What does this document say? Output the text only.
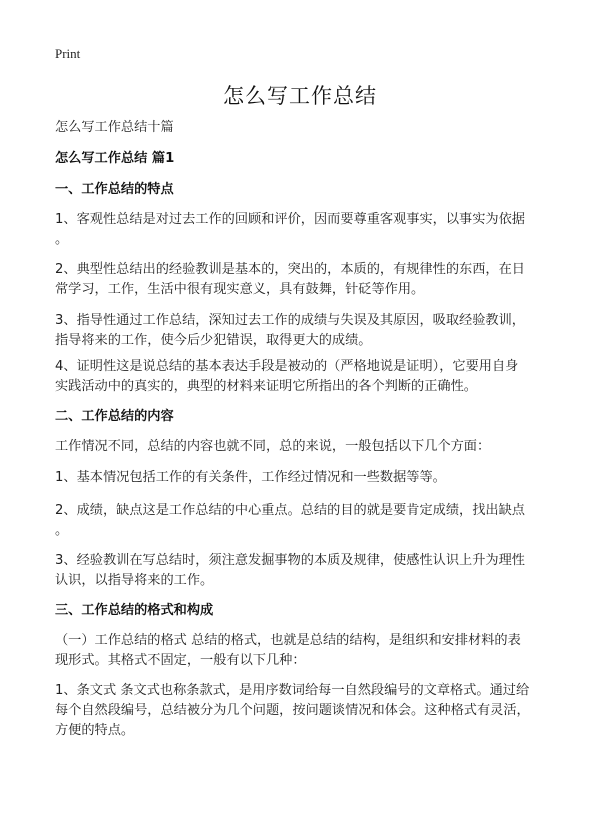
Print
怎么写工作总结

怎么写工作总结十篇

怎么写工作总结 篇1

一、工作总结的特点

1、客观性总结是对过去工作的回顾和评价，因而要尊重客观事实，以事实为依据

。

2、典型性总结出的经验教训是基本的，突出的，本质的，有规律性的东西，在日

常学习，工作，生活中很有现实意义，具有鼓舞，针砭等作用。

3、指导性通过工作总结，深知过去工作的成绩与失误及其原因，吸取经验教训，

指导将来的工作，使今后少犯错误，取得更大的成绩。

4、证明性这是说总结的基本表达手段是被动的（严格地说是证明），它要用自身

实践活动中的真实的，典型的材料来证明它所指出的各个判断的正确性。

二、工作总结的内容

工作情况不同，总结的内容也就不同，总的来说，一般包括以下几个方面：

1、基本情况包括工作的有关条件，工作经过情况和一些数据等等。

2、成绩，缺点这是工作总结的中心重点。总结的目的就是要肯定成绩，找出缺点

。

3、经验教训在写总结时，须注意发掘事物的本质及规律，使感性认识上升为理性

认识，以指导将来的工作。

三、工作总结的格式和构成

（一）工作总结的格式 总结的格式，也就是总结的结构，是组织和安排材料的表

现形式。其格式不固定，一般有以下几种：

1、条文式 条文式也称条款式，是用序数词给每一自然段编号的文章格式。通过给

每个自然段编号，总结被分为几个问题，按问题谈情况和体会。这种格式有灵活，

方便的特点。
